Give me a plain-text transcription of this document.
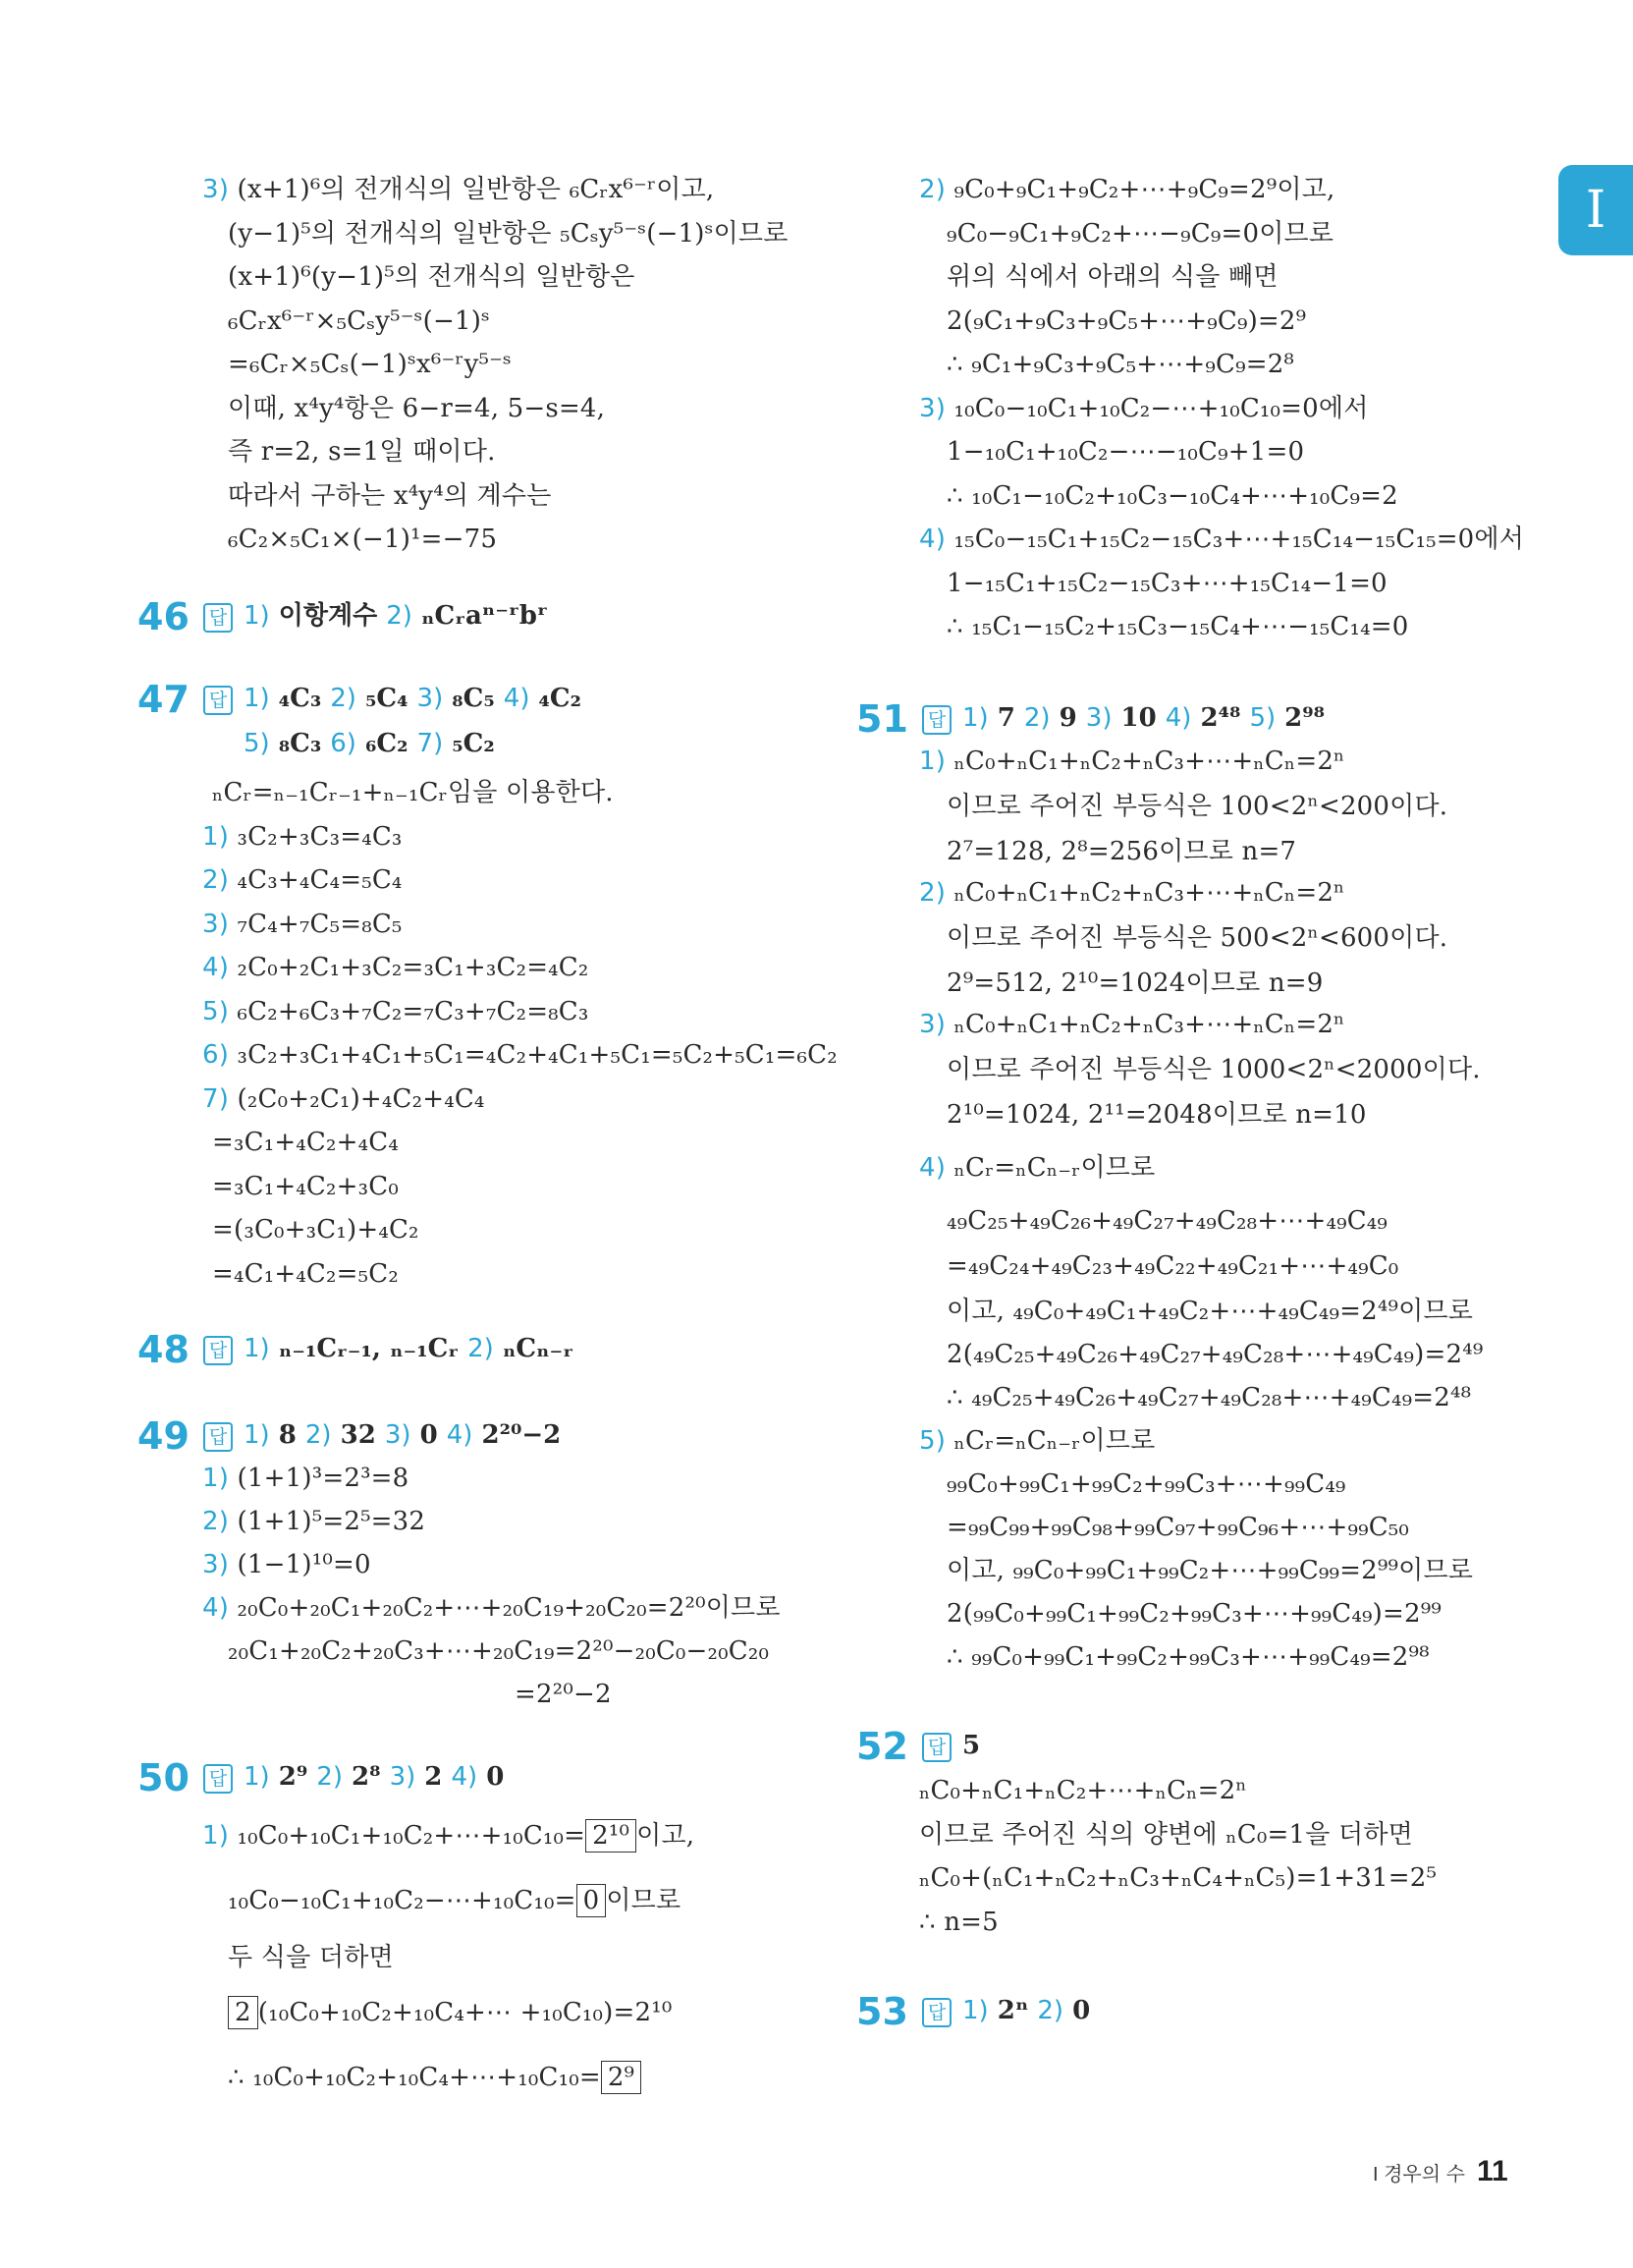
I
3) (x+1)⁶의 전개식의 일반항은 ₆Cᵣx⁶⁻ʳ이고,
(y−1)⁵의 전개식의 일반항은 ₅Cₛy⁵⁻ˢ(−1)ˢ이므로
(x+1)⁶(y−1)⁵의 전개식의 일반항은
₆Cᵣx⁶⁻ʳ×₅Cₛy⁵⁻ˢ(−1)ˢ
=₆Cᵣ×₅Cₛ(−1)ˢx⁶⁻ʳy⁵⁻ˢ
이때, x⁴y⁴항은 6−r=4, 5−s=4,
즉 r=2, s=1일 때이다.
따라서 구하는 x⁴y⁴의 계수는
₆C₂×₅C₁×(−1)¹=−75
46	답 1) 이항계수 2) ₙCᵣaⁿ⁻ʳbʳ
47	답 1) ₄C₃ 2) ₅C₄ 3) ₈C₅ 4) ₄C₂
5) ₈C₃ 6) ₆C₂ 7) ₅C₂
ₙCᵣ=ₙ₋₁Cᵣ₋₁+ₙ₋₁Cᵣ임을 이용한다.
1) ₃C₂+₃C₃=₄C₃
2) ₄C₃+₄C₄=₅C₄
3) ₇C₄+₇C₅=₈C₅
4) ₂C₀+₂C₁+₃C₂=₃C₁+₃C₂=₄C₂
5) ₆C₂+₆C₃+₇C₂=₇C₃+₇C₂=₈C₃
6) ₃C₂+₃C₁+₄C₁+₅C₁=₄C₂+₄C₁+₅C₁=₅C₂+₅C₁=₆C₂
7) (₂C₀+₂C₁)+₄C₂+₄C₄
=₃C₁+₄C₂+₄C₄
=₃C₁+₄C₂+₃C₀
=(₃C₀+₃C₁)+₄C₂
=₄C₁+₄C₂=₅C₂
48	답 1) ₙ₋₁Cᵣ₋₁, ₙ₋₁Cᵣ 2) ₙCₙ₋ᵣ
49	답 1) 8 2) 32 3) 0 4) 2²⁰−2
1) (1+1)³=2³=8
2) (1+1)⁵=2⁵=32
3) (1−1)¹⁰=0
4) ₂₀C₀+₂₀C₁+₂₀C₂+⋯+₂₀C₁₉+₂₀C₂₀=2²⁰이므로
₂₀C₁+₂₀C₂+₂₀C₃+⋯+₂₀C₁₉=2²⁰−₂₀C₀−₂₀C₂₀
=2²⁰−2
50	답 1) 2⁹ 2) 2⁸ 3) 2 4) 0
1) ₁₀C₀+₁₀C₁+₁₀C₂+⋯+₁₀C₁₀= 2¹⁰ 이고,
₁₀C₀−₁₀C₁+₁₀C₂−⋯+₁₀C₁₀= 0 이므로
두 식을 더하면
2 (₁₀C₀+₁₀C₂+₁₀C₄+⋯ +₁₀C₁₀)=2¹⁰
∴ ₁₀C₀+₁₀C₂+₁₀C₄+⋯+₁₀C₁₀= 2⁹
2) ₉C₀+₉C₁+₉C₂+⋯+₉C₉=2⁹이고,
₉C₀−₉C₁+₉C₂+⋯−₉C₉=0이므로
위의 식에서 아래의 식을 빼면
2(₉C₁+₉C₃+₉C₅+⋯+₉C₉)=2⁹
∴ ₉C₁+₉C₃+₉C₅+⋯+₉C₉=2⁸
3) ₁₀C₀−₁₀C₁+₁₀C₂−⋯+₁₀C₁₀=0에서
1−₁₀C₁+₁₀C₂−⋯−₁₀C₉+1=0
∴ ₁₀C₁−₁₀C₂+₁₀C₃−₁₀C₄+⋯+₁₀C₉=2
4) ₁₅C₀−₁₅C₁+₁₅C₂−₁₅C₃+⋯+₁₅C₁₄−₁₅C₁₅=0에서
1−₁₅C₁+₁₅C₂−₁₅C₃+⋯+₁₅C₁₄−1=0
∴ ₁₅C₁−₁₅C₂+₁₅C₃−₁₅C₄+⋯−₁₅C₁₄=0
51	답 1) 7 2) 9 3) 10 4) 2⁴⁸ 5) 2⁹⁸
1) ₙC₀+ₙC₁+ₙC₂+ₙC₃+⋯+ₙCₙ=2ⁿ
이므로 주어진 부등식은 100<2ⁿ<200이다.
2⁷=128, 2⁸=256이므로 n=7
2) ₙC₀+ₙC₁+ₙC₂+ₙC₃+⋯+ₙCₙ=2ⁿ
이므로 주어진 부등식은 500<2ⁿ<600이다.
2⁹=512, 2¹⁰=1024이므로 n=9
3) ₙC₀+ₙC₁+ₙC₂+ₙC₃+⋯+ₙCₙ=2ⁿ
이므로 주어진 부등식은 1000<2ⁿ<2000이다.
2¹⁰=1024, 2¹¹=2048이므로 n=10
4) ₙCᵣ=ₙCₙ₋ᵣ이므로
₄₉C₂₅+₄₉C₂₆+₄₉C₂₇+₄₉C₂₈+⋯+₄₉C₄₉
=₄₉C₂₄+₄₉C₂₃+₄₉C₂₂+₄₉C₂₁+⋯+₄₉C₀
이고, ₄₉C₀+₄₉C₁+₄₉C₂+⋯+₄₉C₄₉=2⁴⁹이므로
2(₄₉C₂₅+₄₉C₂₆+₄₉C₂₇+₄₉C₂₈+⋯+₄₉C₄₉)=2⁴⁹
∴ ₄₉C₂₅+₄₉C₂₆+₄₉C₂₇+₄₉C₂₈+⋯+₄₉C₄₉=2⁴⁸
5) ₙCᵣ=ₙCₙ₋ᵣ이므로
₉₉C₀+₉₉C₁+₉₉C₂+₉₉C₃+⋯+₉₉C₄₉
=₉₉C₉₉+₉₉C₉₈+₉₉C₉₇+₉₉C₉₆+⋯+₉₉C₅₀
이고, ₉₉C₀+₉₉C₁+₉₉C₂+⋯+₉₉C₉₉=2⁹⁹이므로
2(₉₉C₀+₉₉C₁+₉₉C₂+₉₉C₃+⋯+₉₉C₄₉)=2⁹⁹
∴ ₉₉C₀+₉₉C₁+₉₉C₂+₉₉C₃+⋯+₉₉C₄₉=2⁹⁸
52	답 5
ₙC₀+ₙC₁+ₙC₂+⋯+ₙCₙ=2ⁿ
이므로 주어진 식의 양변에 ₙC₀=1을 더하면
ₙC₀+(ₙC₁+ₙC₂+ₙC₃+ₙC₄+ₙC₅)=1+31=2⁵
∴ n=5
53	답 1) 2ⁿ 2) 0
I 경우의 수 11
